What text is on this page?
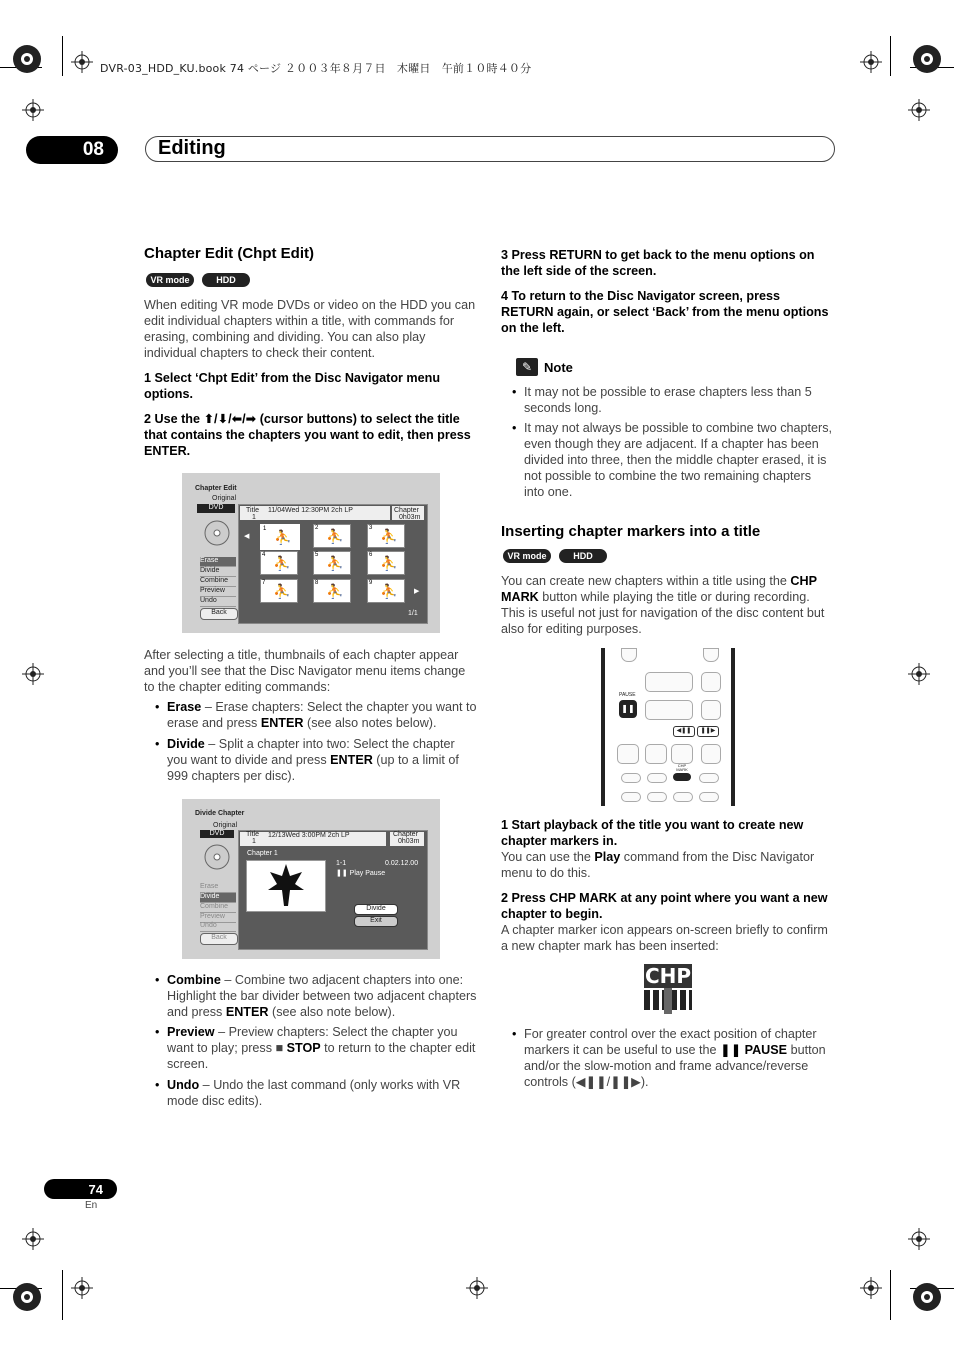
DVR-03_HDD_KU.book 74 ページ ２００３年８月７日　木曜日　午前１０時４０分
08	Editing
Chapter Edit (Chpt Edit)
VR mode	HDD
When editing VR mode DVDs or video on the HDD you can edit individual chapters within a title, with commands for erasing, combining and dividing. You can also play individual chapters to check their content.
1 Select ‘Chpt Edit’ from the Disc Navigator menu options.
2 Use the ⬆/⬇/⬅/➡ (cursor buttons) to select the title that contains the chapters you want to edit, then press ENTER.
Chapter Edit
Original
DVD
Erase
Divide
Combine
Preview
Undo
Back
Title
1
11/04Wed 12:30PM 2ch LP	Chapter
0h03m
1 ⛹
2 ⛹	3 ⛹
4 ⛹	5 ⛹	6 ⛹
7 ⛹	8 ⛹	9 ⛹
◀
▶
1/1
After selecting a title, thumbnails of each chapter appear and you’ll see that the Disc Navigator menu items change to the chapter editing commands:
• Erase – Erase chapters: Select the chapter you want to erase and press ENTER (see also notes below).
• Divide – Split a chapter into two: Select the chapter you want to divide and press ENTER (up to a limit of 999 chapters per disc).
Divide Chapter
Original
DVD
Erase
Divide
Combine
Preview
Undo
Back
Title
1
12/13Wed 3:00PM 2ch LP	Chapter
0h03m
Chapter 1
1-1	0.02.12.00
❚❚ Play Pause
Divide
Exit
• Combine – Combine two adjacent chapters into one: Highlight the bar divider between two adjacent chapters and press ENTER (see also note below).
• Preview – Preview chapters: Select the chapter you want to play; press ■ STOP to return to the chapter edit screen.
• Undo – Undo the last command (only works with VR mode disc edits).
3 Press RETURN to get back to the menu options on the left side of the screen.
4 To return to the Disc Navigator screen, press RETURN again, or select ‘Back’ from the menu options on the left.
✎ Note
• It may not be possible to erase chapters less than 5 seconds long.
• It may not always be possible to combine two chapters, even though they are adjacent. If a chapter has been divided into three, then the middle chapter erased, it is not possible to combine the two remaining chapters into one.
Inserting chapter markers into a title
VR mode	HDD
You can create new chapters within a title using the CHP MARK button while playing the title or during recording. This is useful not just for navigation of the disc content but also for editing purposes.
PAUSE
❚❚
◀❚❚	❚❚▶
CHP MARK
1 Start playback of the title you want to create new chapter markers in.
You can use the Play command from the Disc Navigator menu to do this.
2 Press CHP MARK at any point where you want a new chapter to begin.
A chapter marker icon appears on-screen briefly to confirm a new chapter mark has been inserted:
CHP
• For greater control over the exact position of chapter markers it can be useful to use the ❚❚ PAUSE button and/or the slow-motion and frame advance/reverse controls (◀❚❚/❚❚▶).
74
En
